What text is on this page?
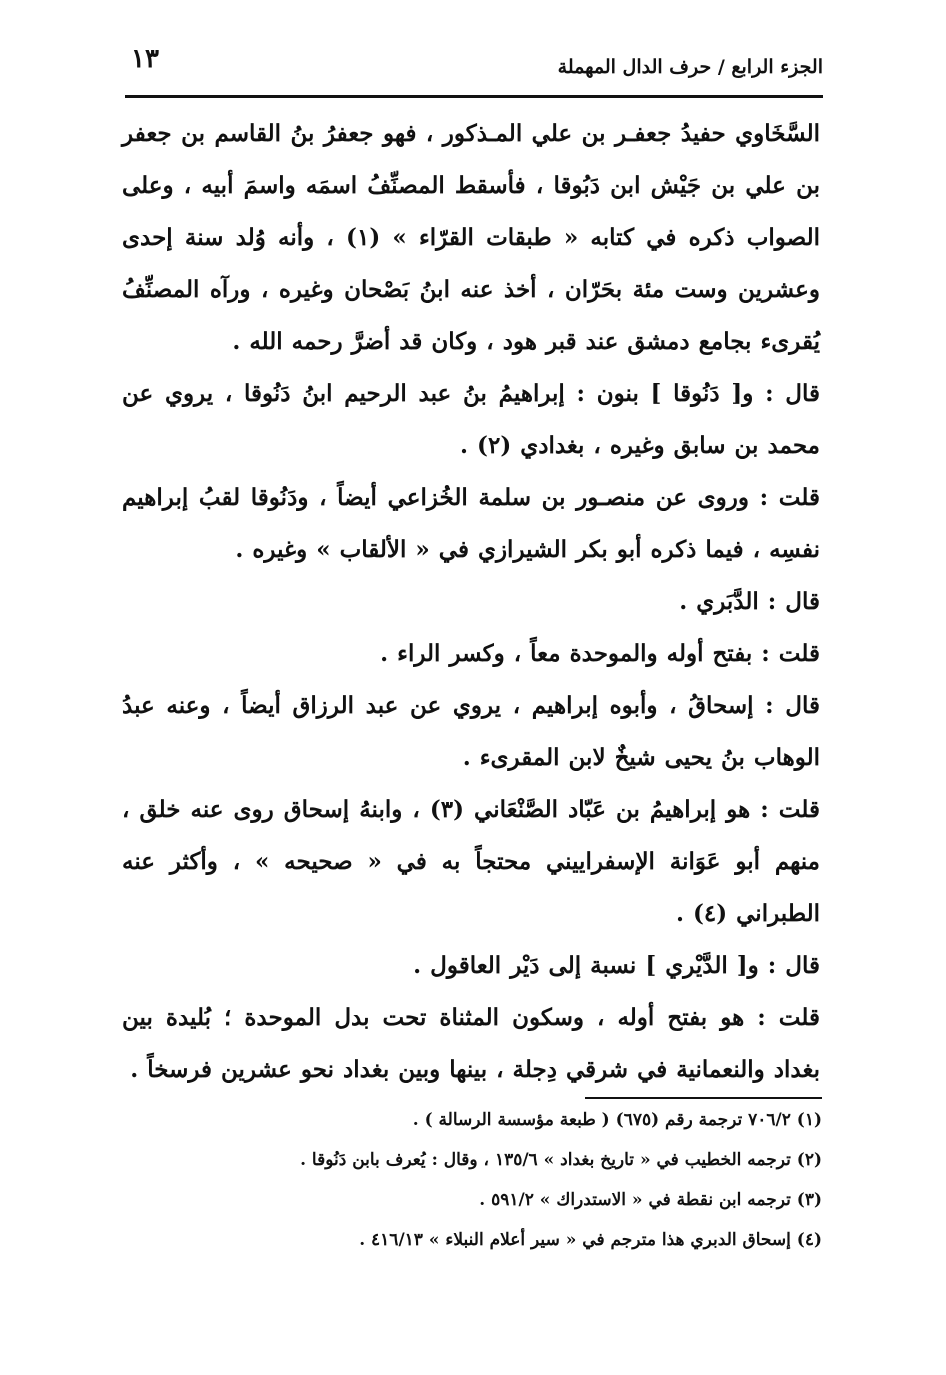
الجزء الرابع / حرف الدال المهملة
١٣

السَّخَاوي حفيدُ جعفـر بن علي المـذكور ، فهو جعفرُ بنُ القاسم بن جعفر بن علي بن جَيْش ابن دَبُوقا ، فأسقط المصنِّفُ اسمَه واسمَ أبيه ، وعلى الصواب ذكره في كتابه « طبقات القرّاء » (١) ، وأنه وُلد سنة إحدى وعشرين وست مئة بحَرّان ، أخذ عنه ابنُ بَصْحان وغيره ، ورآه المصنِّفُ يُقرىء بجامع دمشق عند قبر هود ، وكان قد أضرَّ رحمه الله .

قال : و[ دَنُوقا ] بنون : إبراهيمُ بنُ عبد الرحيم ابنُ دَنُوقا ، يروي عن محمد بن سابق وغيره ، بغدادي (٢) .

قلت : وروى عن منصـور بن سلمة الخُزاعي أيضاً ، ودَنُوقا لقبُ إبراهيم نفسِه ، فيما ذكره أبو بكر الشيرازي في « الألقاب » وغيره .

قال : الدَّبَري .

قلت : بفتح أوله والموحدة معاً ، وكسر الراء .

قال : إسحاقُ ، وأبوه إبراهيم ، يروي عن عبد الرزاق أيضاً ، وعنه عبدُ الوهاب بنُ يحيى شيخٌ لابن المقرىء .

قلت : هو إبراهيمُ بن عَبّاد الصَّنْعَاني (٣) ، وابنهُ إسحاق روى عنه خلق ، منهم أبو عَوَانة الإسفراييني محتجاً به في « صحيحه » ، وأكثر عنه الطبراني (٤) .

قال : و[ الدَّيْري ] نسبة إلى دَيْر العاقول .

قلت : هو بفتح أوله ، وسكون المثناة تحت بدل الموحدة ؛ بُليدة بين بغداد والنعمانية في شرقي دِجلة ، بينها وبين بغداد نحو عشرين فرسخاً .

(١) ٧٠٦/٢ ترجمة رقم (٦٧٥) ( طبعة مؤسسة الرسالة ) .

(٢) ترجمه الخطيب في « تاريخ بغداد » ١٣٥/٦ ، وقال : يُعرف بابن دَنُوقا .

(٣) ترجمه ابن نقطة في « الاستدراك » ٥٩١/٢ .

(٤) إسحاق الدبري هذا مترجم في « سير أعلام النبلاء » ٤١٦/١٣ .
